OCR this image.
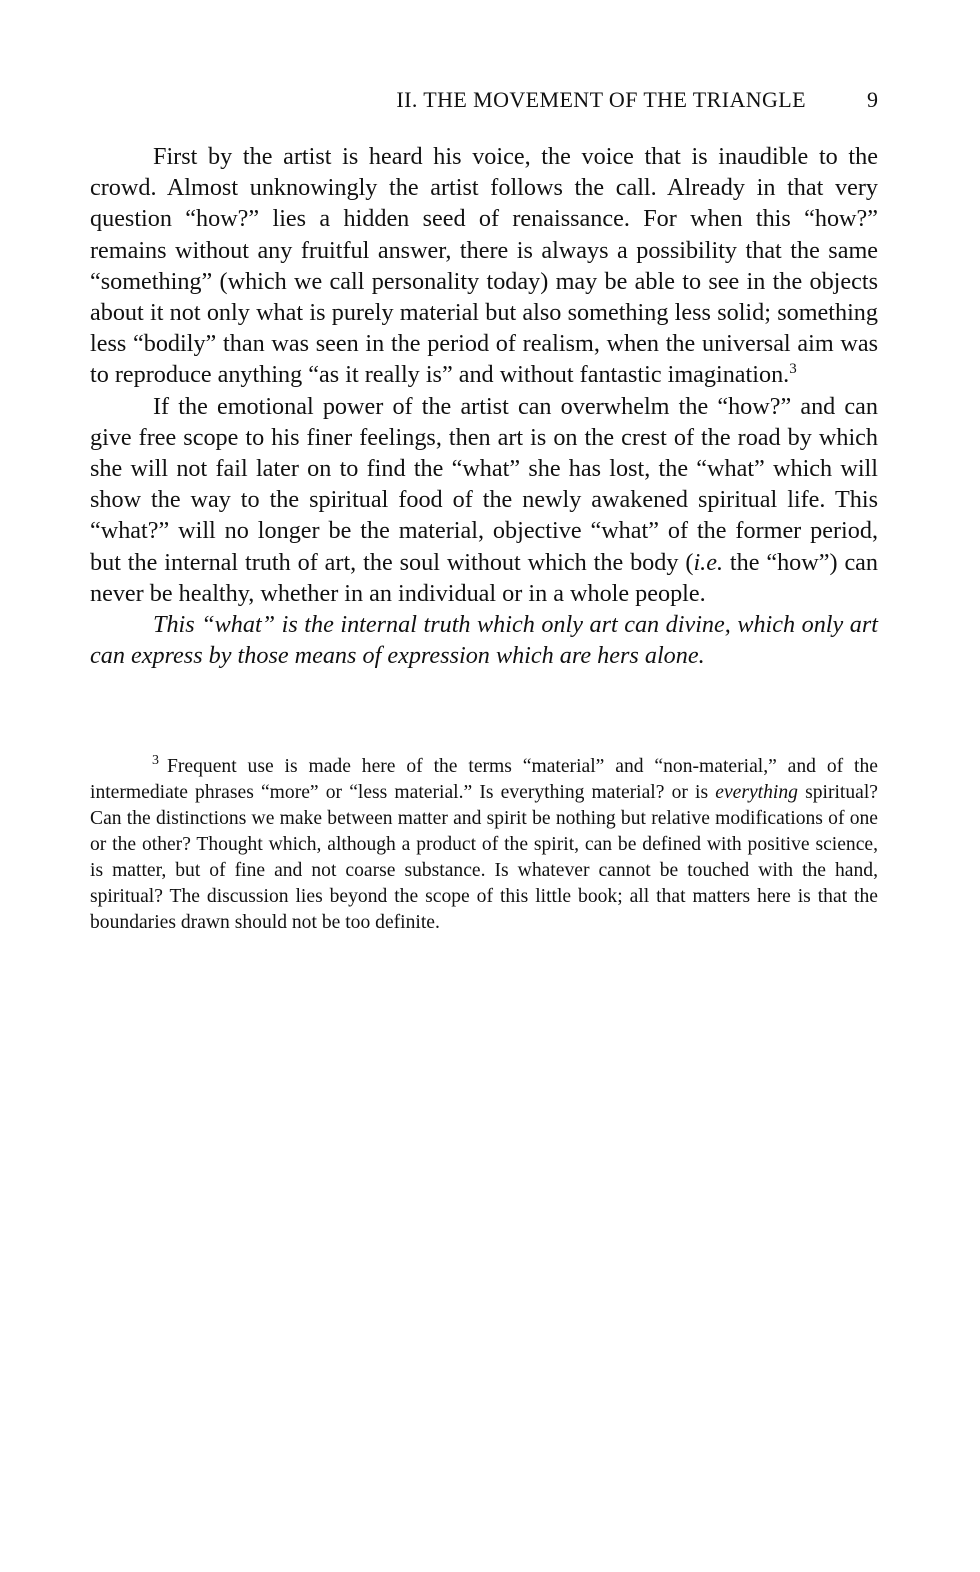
II. THE MOVEMENT OF THE TRIANGLE	9

First by the artist is heard his voice, the voice that is inaudible to the crowd. Almost unknowingly the artist follows the call. Already in that very question “how?” lies a hidden seed of renaissance. For when this “how?” remains without any fruitful answer, there is always a possibility that the same “something” (which we call personality today) may be able to see in the objects about it not only what is purely material but also something less solid; something less “bodily” than was seen in the period of realism, when the universal aim was to reproduce anything “as it really is” and without fantastic imagination.$^3$

If the emotional power of the artist can overwhelm the “how?” and can give free scope to his finer feelings, then art is on the crest of the road by which she will not fail later on to find the “what” she has lost, the “what” which will show the way to the spiritual food of the newly awakened spiritual life. This “what?” will no longer be the material, objective “what” of the former period, but the internal truth of art, the soul without which the body (i.e. the “how”) can never be healthy, whether in an individual or in a whole people.

This “what” is the internal truth which only art can divine, which only art can express by those means of expression which are hers alone.

$^3$ Frequent use is made here of the terms “material” and “non-material,” and of the intermediate phrases “more” or “less material.” Is everything material? or is everything spiritual? Can the distinctions we make between matter and spirit be nothing but relative modifications of one or the other? Thought which, although a product of the spirit, can be defined with positive science, is matter, but of fine and not coarse substance. Is whatever cannot be touched with the hand, spiritual? The discussion lies beyond the scope of this little book; all that matters here is that the boundaries drawn should not be too definite.
